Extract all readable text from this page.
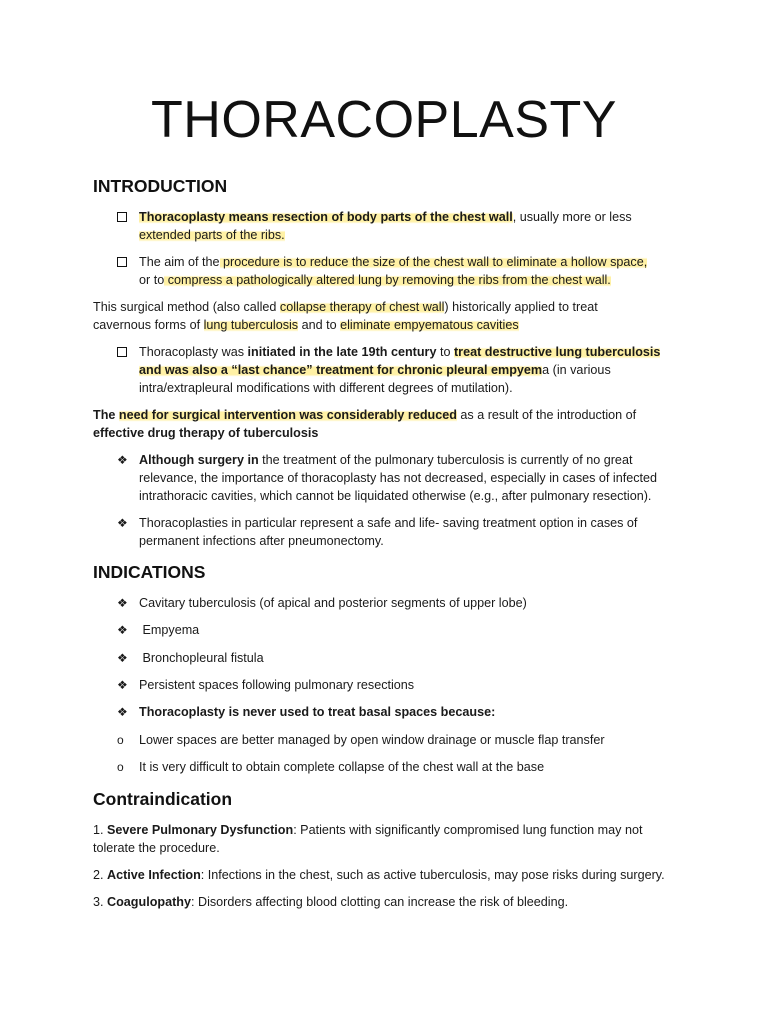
THORACOPLASTY
INTRODUCTION
Thoracoplasty means resection of body parts of the chest wall, usually more or less
extended parts of the ribs.
The aim of the procedure is to reduce the size of the chest wall to eliminate a hollow space,
or to compress a pathologically altered lung by removing the ribs from the chest wall.
This surgical method (also called collapse therapy of chest wall) historically applied to treat
cavernous forms of lung tuberculosis and to eliminate empyematous cavities
Thoracoplasty was initiated in the late 19th century to treat destructive lung tuberculosis
and was also a “last chance” treatment for chronic pleural empyema (in various
intra/extrapleural modifications with different degrees of mutilation).
The need for surgical intervention was considerably reduced as a result of the introduction of
effective drug therapy of tuberculosis
❖ Although surgery in the treatment of the pulmonary tuberculosis is currently of no great
relevance, the importance of thoracoplasty has not decreased, especially in cases of infected
intrathoracic cavities, which cannot be liquidated otherwise (e.g., after pulmonary resection).
❖ Thoracoplasties in particular represent a safe and life- saving treatment option in cases of
permanent infections after pneumonectomy.
INDICATIONS
❖ Cavitary tuberculosis (of apical and posterior segments of upper lobe)
❖ Empyema
❖ Bronchopleural fistula
❖ Persistent spaces following pulmonary resections
❖ Thoracoplasty is never used to treat basal spaces because:
o	Lower spaces are better managed by open window drainage or muscle flap transfer
o	It is very difficult to obtain complete collapse of the chest wall at the base
Contraindication
1. Severe Pulmonary Dysfunction: Patients with significantly compromised lung function may not
tolerate the procedure.
2. Active Infection: Infections in the chest, such as active tuberculosis, may pose risks during surgery.
3. Coagulopathy: Disorders affecting blood clotting can increase the risk of bleeding.
